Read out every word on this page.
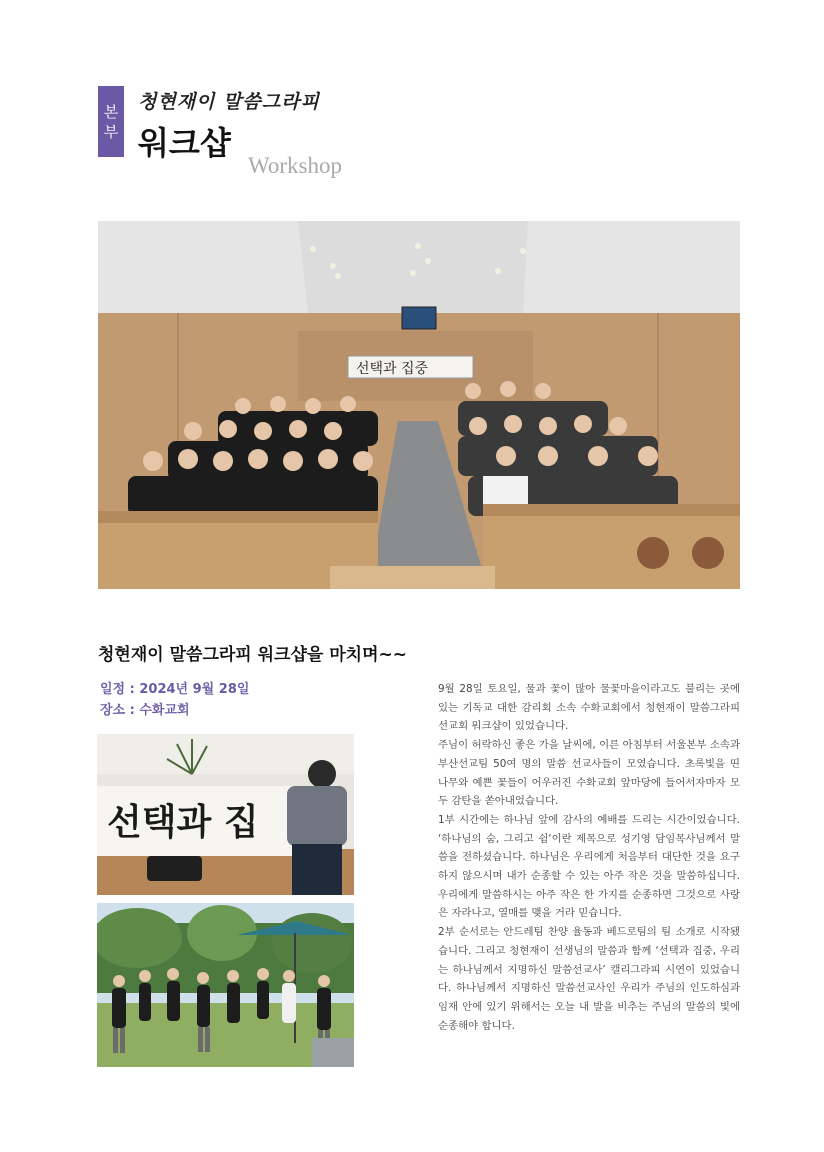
본
부
청현재이 말씀그라피
워크샵
Workshop
선택과 집중
청현재이 말씀그라피 워크샵을 마치며~~
일정 : 2024년 9월 28일
장소 : 수화교회
선택과 집

9월 28일 토요일, 물과 꽃이 많아 물꽃마을이라고도 불리는 곳에 있는 기독교 대한 감리회 소속 수화교회에서 청현재이 말씀그라피선교회 워크샵이 있었습니다.

주님이 허락하신 좋은 가을 날씨에, 이른 아침부터 서울본부 소속과 부산선교팀 50여 명의 말씀 선교사들이 모였습니다. 초록빛을 띤 나무와 예쁜 꽃들이 어우러진 수화교회 앞마당에 들어서자마자 모두 감탄을 쏟아내었습니다.

1부 시간에는 하나님 앞에 감사의 예배를 드리는 시간이었습니다. ‘하나님의 숨, 그리고 쉼’이란 제목으로 성기영 담임목사님께서 말씀을 전하셨습니다. 하나님은 우리에게 처음부터 대단한 것을 요구하지 않으시며 내가 순종할 수 있는 아주 작은 것을 말씀하십니다. 우리에게 말씀하시는 아주 작은 한 가지를 순종하면 그것으로 사랑은 자라나고, 열매를 맺을 거라 믿습니다.

2부 순서로는 안드레팀 찬양 율동과 베드로팀의 팀 소개로 시작됐습니다. 그리고 청현재이 선생님의 말씀과 함께 ‘선택과 집중, 우리는 하나님께서 지명하신 말씀선교사’ 캘리그라피 시연이 있었습니다. 하나님께서 지명하신 말씀선교사인 우리가 주님의 인도하심과 임재 안에 있기 위해서는 오늘 내 발을 비추는 주님의 말씀의 빛에 순종해야 합니다.
